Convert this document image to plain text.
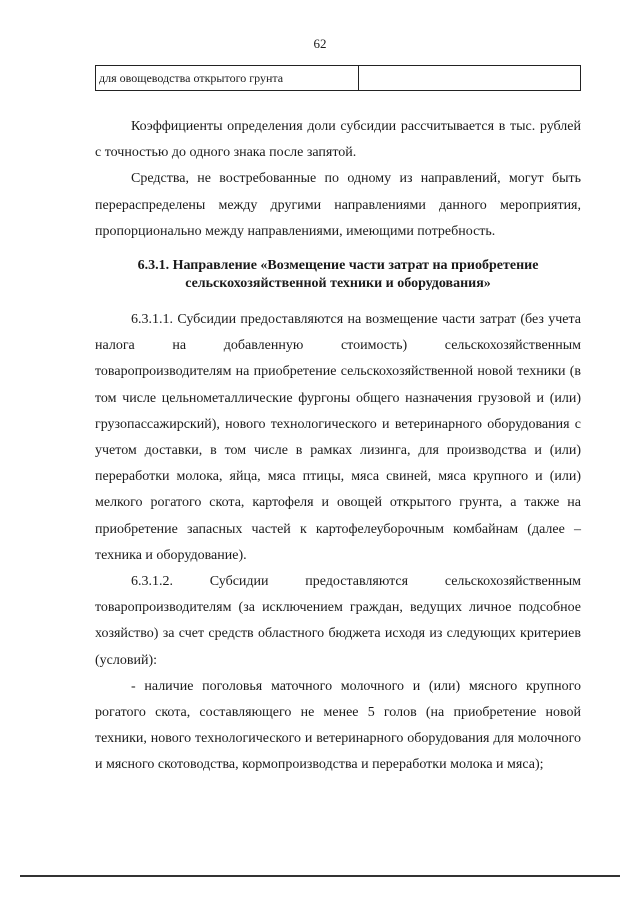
62
для овощеводства открытого грунта	

Коэффициенты определения доли субсидии рассчитывается в тыс. рублей с точностью до одного знака после запятой.

Средства, не востребованные по одному из направлений, могут быть перераспределены между другими направлениями данного мероприятия, пропорционально между направлениями, имеющими потребность.

6.3.1. Направление «Возмещение части затрат на приобретение сельскохозяйственной техники и оборудования»

6.3.1.1. Субсидии предоставляются на возмещение части затрат (без учета налога на добавленную стоимость) сельскохозяйственным товаропроизводителям на приобретение сельскохозяйственной новой техники (в том числе цельнометаллические фургоны общего назначения грузовой и (или) грузопассажирский), нового технологического и ветеринарного оборудования с учетом доставки, в том числе в рамках лизинга, для производства и (или) переработки молока, яйца, мяса птицы, мяса свиней, мяса крупного и (или) мелкого рогатого скота, картофеля и овощей открытого грунта, а также на приобретение запасных частей к картофелеуборочным комбайнам (далее – техника и оборудование).

6.3.1.2. Субсидии предоставляются сельскохозяйственным товаропроизводителям (за исключением граждан, ведущих личное подсобное хозяйство) за счет средств областного бюджета исходя из следующих критериев (условий):

- наличие поголовья маточного молочного и (или) мясного крупного рогатого скота, составляющего не менее 5 голов (на приобретение новой техники, нового технологического и ветеринарного оборудования для молочного и мясного скотоводства, кормопроизводства и переработки молока и мяса);
